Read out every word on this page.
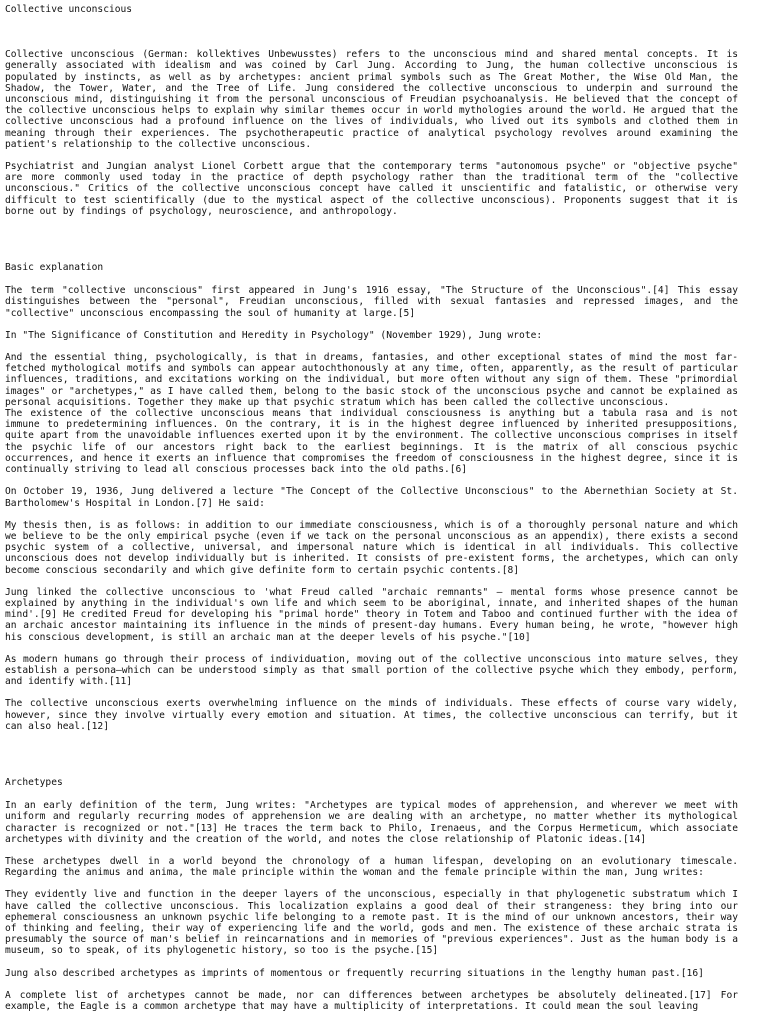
Collective unconscious

Collective unconscious (German: kollektives Unbewusstes) refers to the unconscious mind and shared mental concepts. It is generally associated with idealism and was coined by Carl Jung. According to Jung, the human collective unconscious is populated by instincts, as well as by archetypes: ancient primal symbols such as The Great Mother, the Wise Old Man, the Shadow, the Tower, Water, and the Tree of Life. Jung considered the collective unconscious to underpin and surround the unconscious mind, distinguishing it from the personal unconscious of Freudian psychoanalysis. He believed that the concept of the collective unconscious helps to explain why similar themes occur in world mythologies around the world. He argued that the collective unconscious had a profound influence on the lives of individuals, who lived out its symbols and clothed them in meaning through their experiences. The psychotherapeutic practice of analytical psychology revolves around examining the patient's relationship to the collective unconscious.

Psychiatrist and Jungian analyst Lionel Corbett argue that the contemporary terms "autonomous psyche" or "objective psyche" are more commonly used today in the practice of depth psychology rather than the traditional term of the "collective unconscious." Critics of the collective unconscious concept have called it unscientific and fatalistic, or otherwise very difficult to test scientifically (due to the mystical aspect of the collective unconscious). Proponents suggest that it is borne out by findings of psychology, neuroscience, and anthropology.

Basic explanation

The term "collective unconscious" first appeared in Jung's 1916 essay, "The Structure of the Unconscious".[4] This essay distinguishes between the "personal", Freudian unconscious, filled with sexual fantasies and repressed images, and the "collective" unconscious encompassing the soul of humanity at large.[5]

In "The Significance of Constitution and Heredity in Psychology" (November 1929), Jung wrote:

And the essential thing, psychologically, is that in dreams, fantasies, and other exceptional states of mind the most far-fetched mythological motifs and symbols can appear autochthonously at any time, often, apparently, as the result of particular influences, traditions, and excitations working on the individual, but more often without any sign of them. These "primordial images" or "archetypes," as I have called them, belong to the basic stock of the unconscious psyche and cannot be explained as personal acquisitions. Together they make up that psychic stratum which has been called the collective unconscious.

The existence of the collective unconscious means that individual consciousness is anything but a tabula rasa and is not immune to predetermining influences. On the contrary, it is in the highest degree influenced by inherited presuppositions, quite apart from the unavoidable influences exerted upon it by the environment. The collective unconscious comprises in itself the psychic life of our ancestors right back to the earliest beginnings. It is the matrix of all conscious psychic occurrences, and hence it exerts an influence that compromises the freedom of consciousness in the highest degree, since it is continually striving to lead all conscious processes back into the old paths.[6]

On October 19, 1936, Jung delivered a lecture "The Concept of the Collective Unconscious" to the Abernethian Society at St. Bartholomew's Hospital in London.[7] He said:

My thesis then, is as follows: in addition to our immediate consciousness, which is of a thoroughly personal nature and which we believe to be the only empirical psyche (even if we tack on the personal unconscious as an appendix), there exists a second psychic system of a collective, universal, and impersonal nature which is identical in all individuals. This collective unconscious does not develop individually but is inherited. It consists of pre-existent forms, the archetypes, which can only become conscious secondarily and which give definite form to certain psychic contents.[8]

Jung linked the collective unconscious to 'what Freud called "archaic remnants" – mental forms whose presence cannot be explained by anything in the individual's own life and which seem to be aboriginal, innate, and inherited shapes of the human mind'.[9] He credited Freud for developing his "primal horde" theory in Totem and Taboo and continued further with the idea of an archaic ancestor maintaining its influence in the minds of present-day humans. Every human being, he wrote, "however high his conscious development, is still an archaic man at the deeper levels of his psyche."[10]

As modern humans go through their process of individuation, moving out of the collective unconscious into mature selves, they establish a persona—which can be understood simply as that small portion of the collective psyche which they embody, perform, and identify with.[11]

The collective unconscious exerts overwhelming influence on the minds of individuals. These effects of course vary widely, however, since they involve virtually every emotion and situation. At times, the collective unconscious can terrify, but it can also heal.[12]

Archetypes

In an early definition of the term, Jung writes: "Archetypes are typical modes of apprehension, and wherever we meet with uniform and regularly recurring modes of apprehension we are dealing with an archetype, no matter whether its mythological character is recognized or not."[13] He traces the term back to Philo, Irenaeus, and the Corpus Hermeticum, which associate archetypes with divinity and the creation of the world, and notes the close relationship of Platonic ideas.[14]

These archetypes dwell in a world beyond the chronology of a human lifespan, developing on an evolutionary timescale. Regarding the animus and anima, the male principle within the woman and the female principle within the man, Jung writes:

They evidently live and function in the deeper layers of the unconscious, especially in that phylogenetic substratum which I have called the collective unconscious. This localization explains a good deal of their strangeness: they bring into our ephemeral consciousness an unknown psychic life belonging to a remote past. It is the mind of our unknown ancestors, their way of thinking and feeling, their way of experiencing life and the world, gods and men. The existence of these archaic strata is presumably the source of man's belief in reincarnations and in memories of "previous experiences". Just as the human body is a museum, so to speak, of its phylogenetic history, so too is the psyche.[15]

Jung also described archetypes as imprints of momentous or frequently recurring situations in the lengthy human past.[16]

A complete list of archetypes cannot be made, nor can differences between archetypes be absolutely delineated.[17] For example, the Eagle is a common archetype that may have a multiplicity of interpretations. It could mean the soul leaving
